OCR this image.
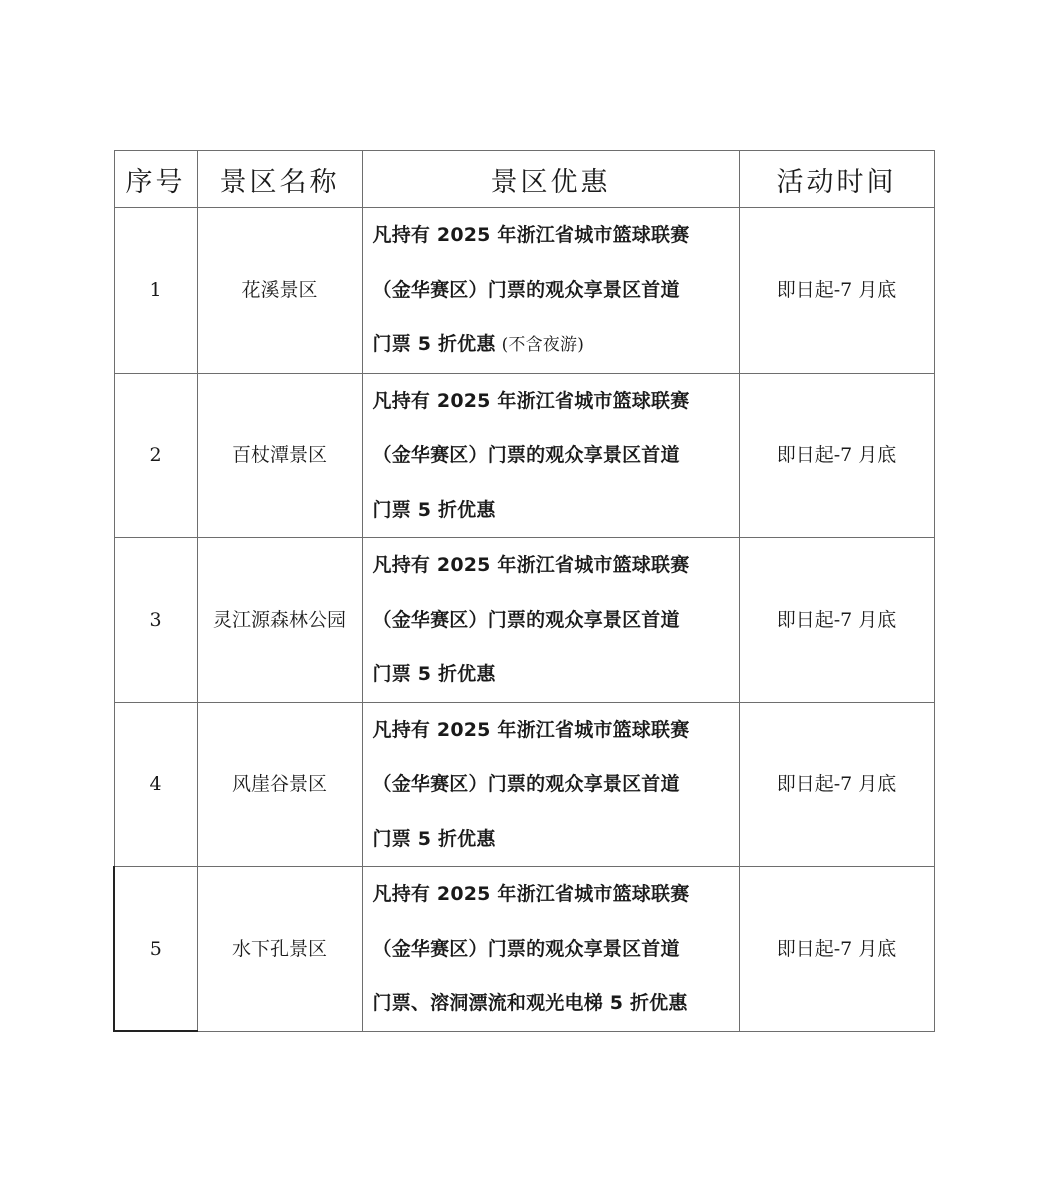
序号	景区名称	景区优惠	活动时间
1	花溪景区	凡持有 2025 年浙江省城市篮球联赛
（金华赛区）门票的观众享景区首道
门票 5 折优惠 (不含夜游)	即日起-7 月底
2	百杖潭景区	凡持有 2025 年浙江省城市篮球联赛
（金华赛区）门票的观众享景区首道
门票 5 折优惠	即日起-7 月底
3	灵江源森林公园	凡持有 2025 年浙江省城市篮球联赛
（金华赛区）门票的观众享景区首道
门票 5 折优惠	即日起-7 月底
4	风崖谷景区	凡持有 2025 年浙江省城市篮球联赛
（金华赛区）门票的观众享景区首道
门票 5 折优惠	即日起-7 月底
5	水下孔景区	凡持有 2025 年浙江省城市篮球联赛
（金华赛区）门票的观众享景区首道
门票、溶洞漂流和观光电梯 5 折优惠	即日起-7 月底
